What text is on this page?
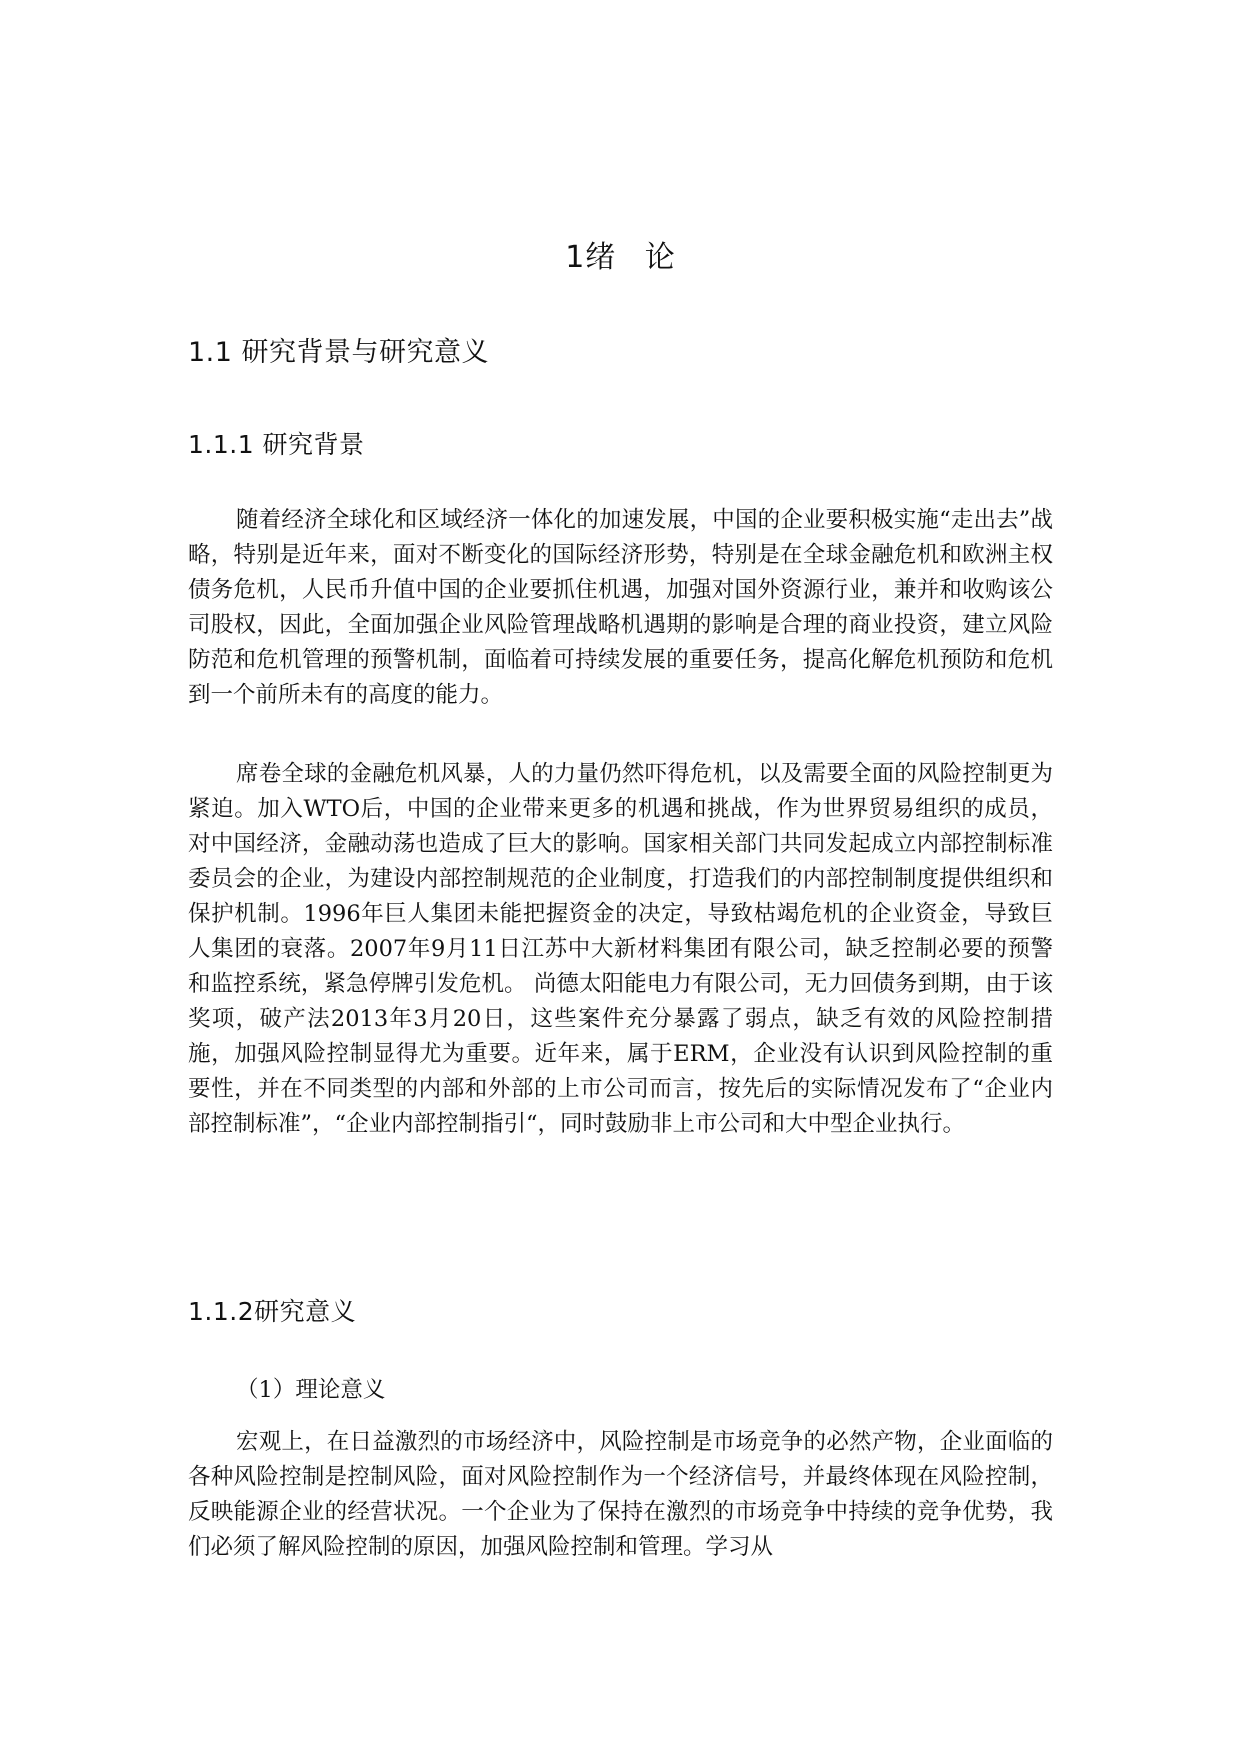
1绪 论
1.1 研究背景与研究意义
1.1.1 研究背景

随着经济全球化和区域经济一体化的加速发展，中国的企业要积极实施“走出去”战略，特别是近年来，面对不断变化的国际经济形势，特别是在全球金融危机和欧洲主权债务危机，人民币升值中国的企业要抓住机遇，加强对国外资源行业，兼并和收购该公司股权，因此，全面加强企业风险管理战略机遇期的影响是合理的商业投资，建立风险防范和危机管理的预警机制，面临着可持续发展的重要任务，提高化解危机预防和危机到一个前所未有的高度的能力。

席卷全球的金融危机风暴，人的力量仍然吓得危机，以及需要全面的风险控制更为紧迫。加入WTO后，中国的企业带来更多的机遇和挑战，作为世界贸易组织的成员，对中国经济，金融动荡也造成了巨大的影响。国家相关部门共同发起成立内部控制标准委员会的企业，为建设内部控制规范的企业制度，打造我们的内部控制制度提供组织和保护机制。1996年巨人集团未能把握资金的决定，导致枯竭危机的企业资金，导致巨人集团的衰落。2007年9月11日江苏中大新材料集团有限公司，缺乏控制必要的预警和监控系统，紧急停牌引发危机。 尚德太阳能电力有限公司，无力回债务到期，由于该奖项，破产法2013年3月20日，这些案件充分暴露了弱点，缺乏有效的风险控制措施，加强风险控制显得尤为重要。近年来，属于ERM，企业没有认识到风险控制的重要性，并在不同类型的内部和外部的上市公司而言，按先后的实际情况发布了“企业内部控制标准”，“企业内部控制指引“，同时鼓励非上市公司和大中型企业执行。

1.1.2研究意义

（1）理论意义

宏观上，在日益激烈的市场经济中，风险控制是市场竞争的必然产物，企业面临的各种风险控制是控制风险，面对风险控制作为一个经济信号，并最终体现在风险控制，反映能源企业的经营状况。一个企业为了保持在激烈的市场竞争中持续的竞争优势，我们必须了解风险控制的原因，加强风险控制和管理。学习从
